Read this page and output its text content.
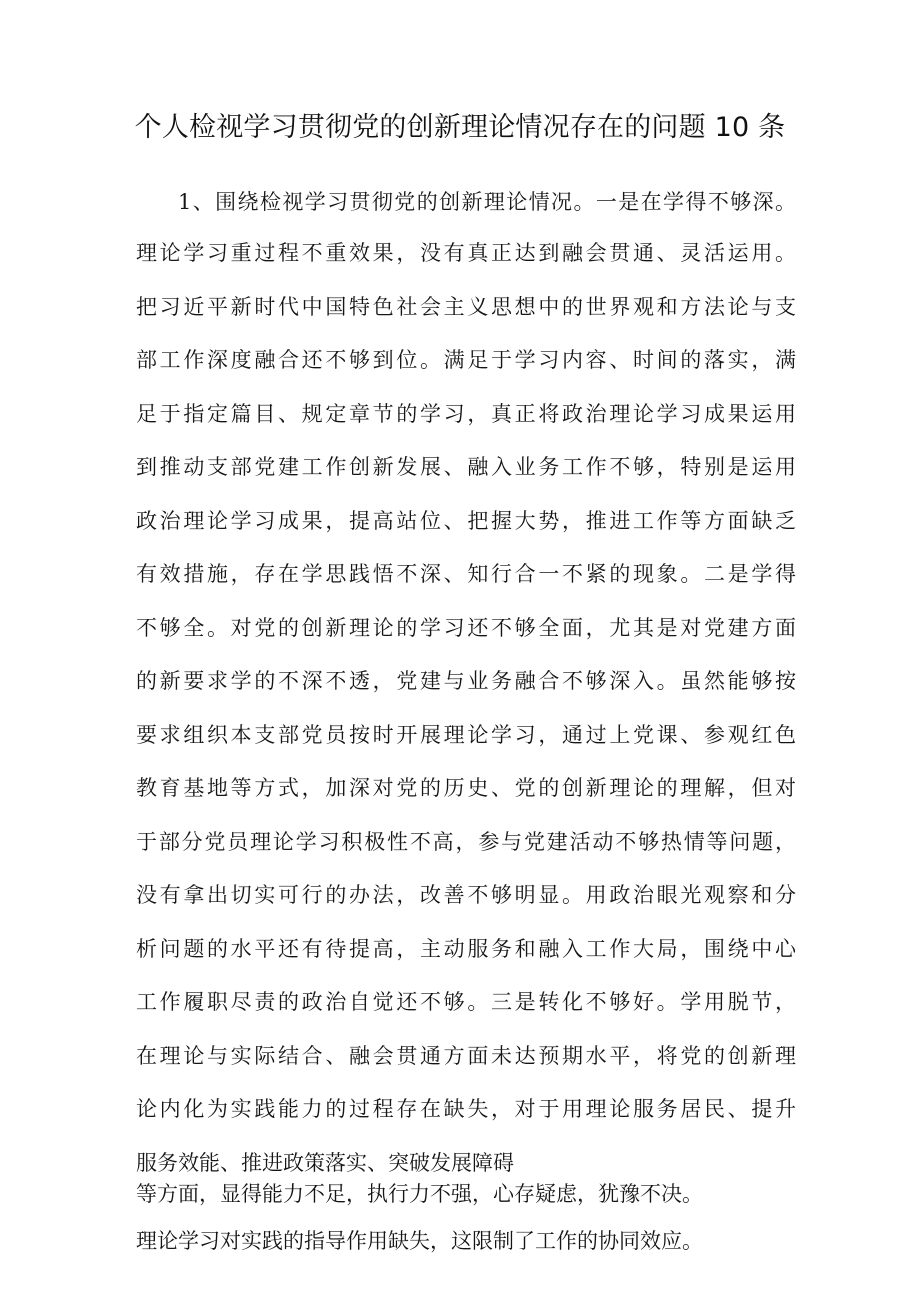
个人检视学习贯彻党的创新理论情况存在的问题 10 条
1、围绕检视学习贯彻党的创新理论情况。一是在学得不够深。
理论学习重过程不重效果，没有真正达到融会贯通、灵活运用。
把习近平新时代中国特色社会主义思想中的世界观和方法论与支
部工作深度融合还不够到位。满足于学习内容、时间的落实，满
足于指定篇目、规定章节的学习，真正将政治理论学习成果运用
到推动支部党建工作创新发展、融入业务工作不够，特别是运用
政治理论学习成果，提高站位、把握大势，推进工作等方面缺乏
有效措施，存在学思践悟不深、知行合一不紧的现象。二是学得
不够全。对党的创新理论的学习还不够全面，尤其是对党建方面
的新要求学的不深不透，党建与业务融合不够深入。虽然能够按
要求组织本支部党员按时开展理论学习，通过上党课、参观红色
教育基地等方式，加深对党的历史、党的创新理论的理解，但对
于部分党员理论学习积极性不高，参与党建活动不够热情等问题，
没有拿出切实可行的办法，改善不够明显。用政治眼光观察和分
析问题的水平还有待提高，主动服务和融入工作大局，围绕中心
工作履职尽责的政治自觉还不够。三是转化不够好。学用脱节，
在理论与实际结合、融会贯通方面未达预期水平，将党的创新理
论内化为实践能力的过程存在缺失，对于用理论服务居民、提升
服务效能、推进政策落实、突破发展障碍
等方面，显得能力不足，执行力不强，心存疑虑，犹豫不决。
理论学习对实践的指导作用缺失，这限制了工作的协同效应。
